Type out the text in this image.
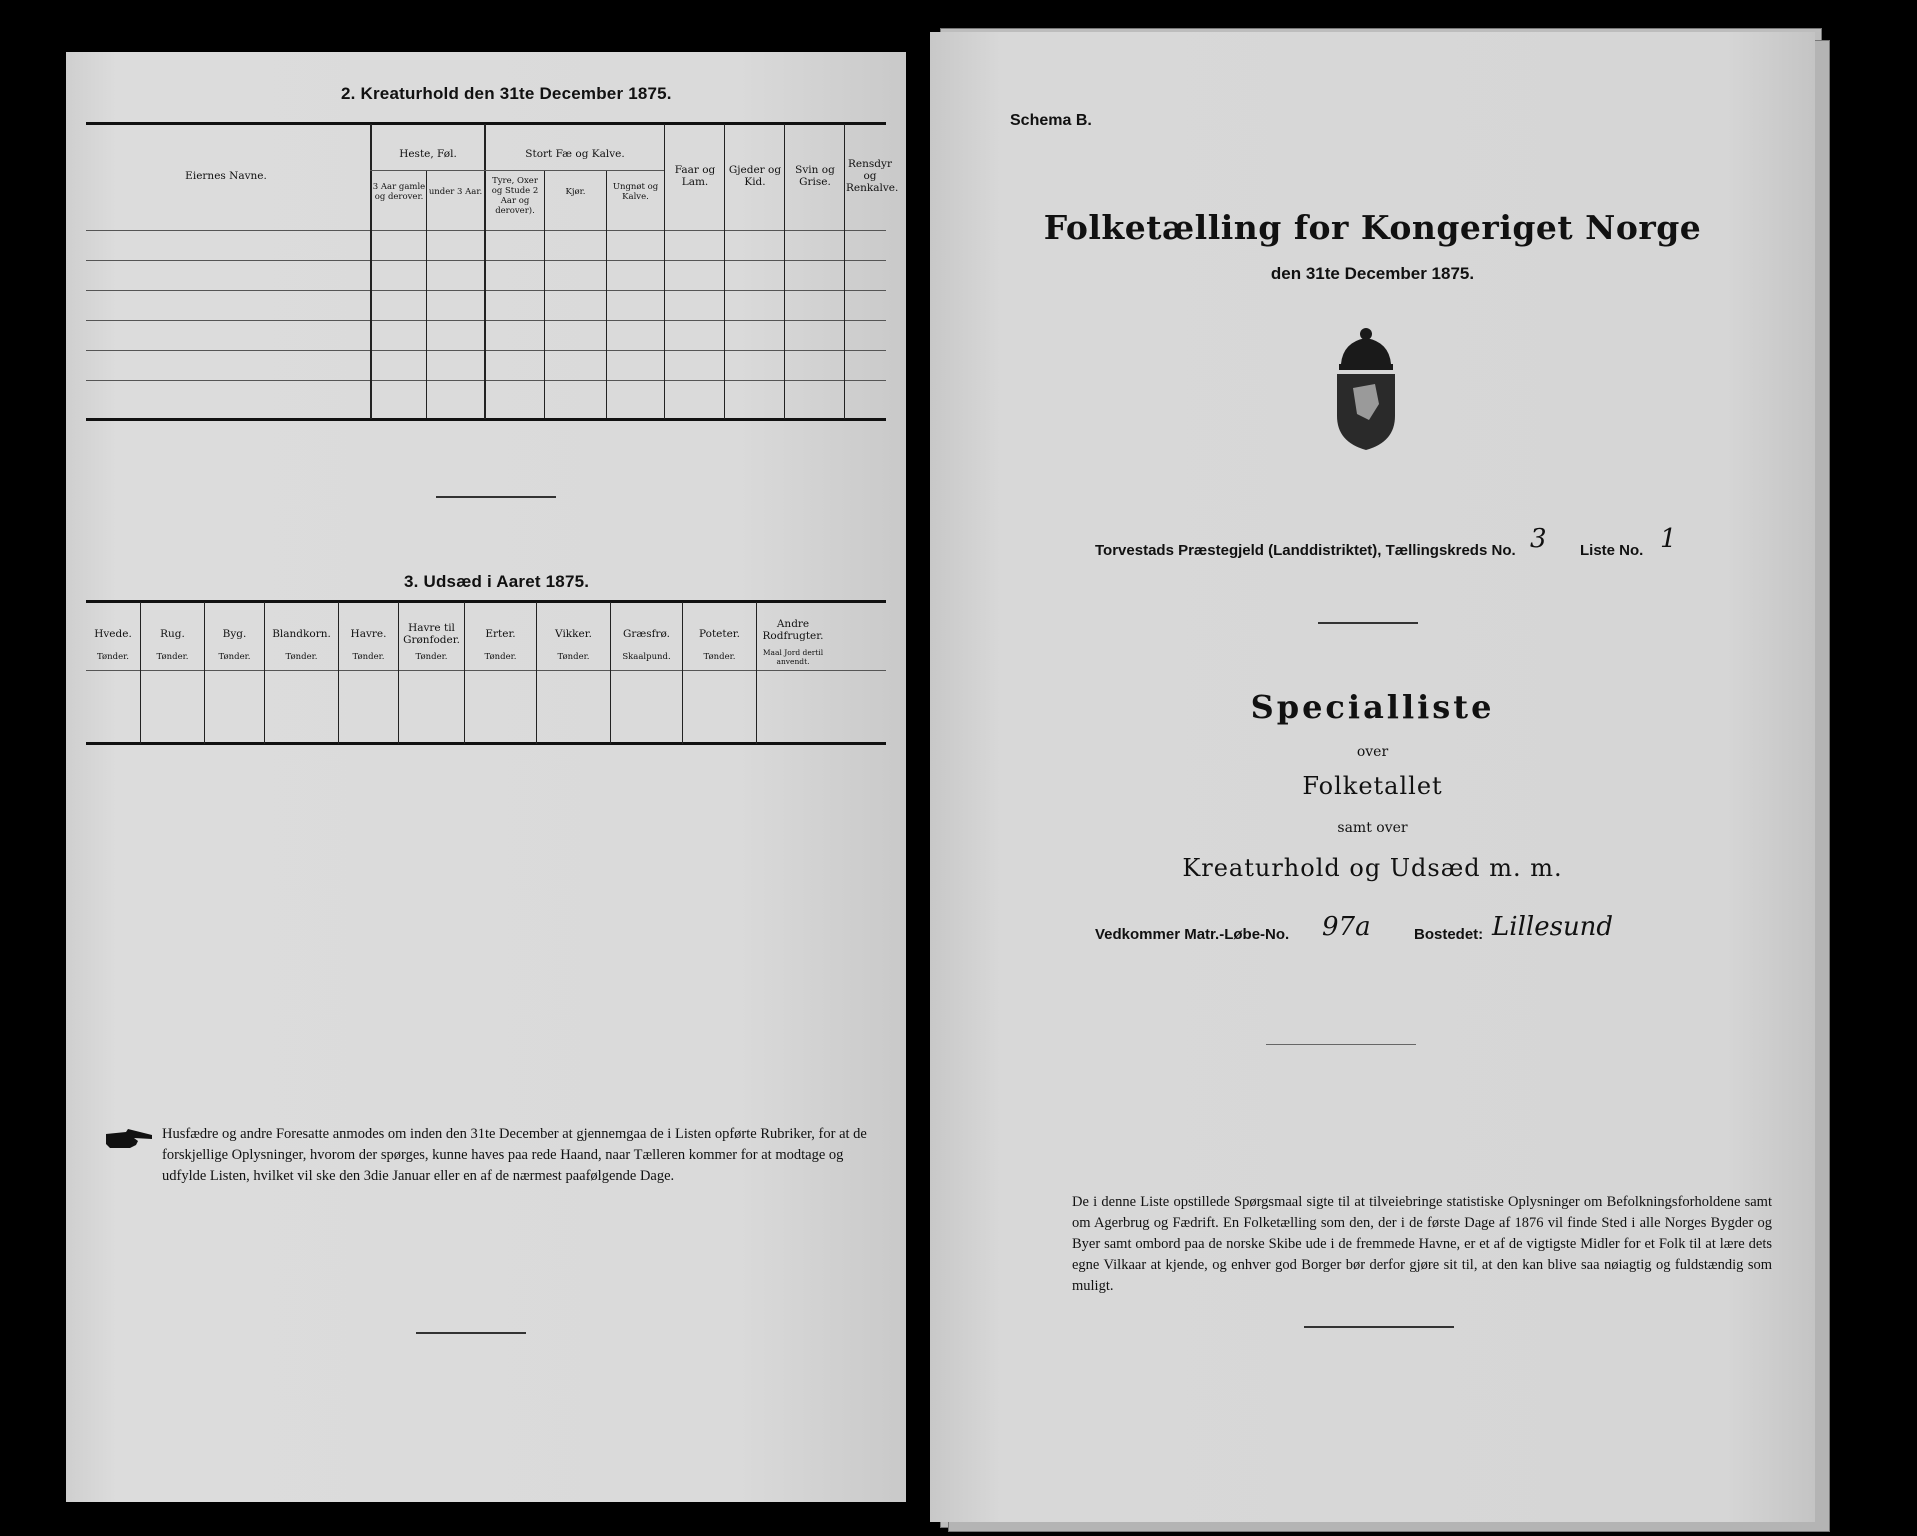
2. Kreaturhold den 31te December 1875.
Eiernes Navne.
Heste, Føl.
3 Aar gamle og derover. under 3 Aar.
Stort Fæ og Kalve.
Tyre, Oxer og Stude 2 Aar og derover).
Kjør.	Ungnøt og Kalve.
Faar og Lam.
Gjeder og Kid.
Svin og Grise.
Rensdyr og Renkalve.
3. Udsæd i Aaret 1875.
Hvede.
Tønder.
Rug.
Tønder.
Byg.
Tønder.
Blandkorn.
Tønder.
Havre.
Tønder.
Havre til Grønfoder.
Tønder.
Erter.
Tønder.
Vikker.
Tønder.
Græsfrø.
Skaalpund.
Poteter.
Tønder.
Andre Rodfrugter.
Maal Jord dertil anvendt.
Husfædre og andre Foresatte anmodes om inden den 31te December at gjennemgaa de i Listen opførte Rubriker, for at de forskjellige Oplysninger, hvorom der spørges, kunne haves paa rede Haand, naar Tælleren kommer for at modtage og udfylde Listen, hvilket vil ske den 3die Januar eller en af de nærmest paafølgende Dage.
Schema B.
Folketælling for Kongeriget Norge
den 31te December 1875.
Torvestads Præstegjeld (Landdistriktet), Tællingskreds No. 3 Liste No. 1
Specialliste
over
Folketallet
samt over
Kreaturhold og Udsæd m. m.
Vedkommer Matr.-Løbe-No. 97a	Bostedet: Lillesund
De i denne Liste opstillede Spørgsmaal sigte til at tilveiebringe statistiske Oplysninger om Befolkningsforholdene samt om Agerbrug og Fædrift. En Folketælling som den, der i de første Dage af 1876 vil finde Sted i alle Norges Bygder og Byer samt ombord paa de norske Skibe ude i de fremmede Havne, er et af de vigtigste Midler for et Folk til at lære dets egne Vilkaar at kjende, og enhver god Borger bør derfor gjøre sit til, at den kan blive saa nøiagtig og fuldstændig som muligt.
